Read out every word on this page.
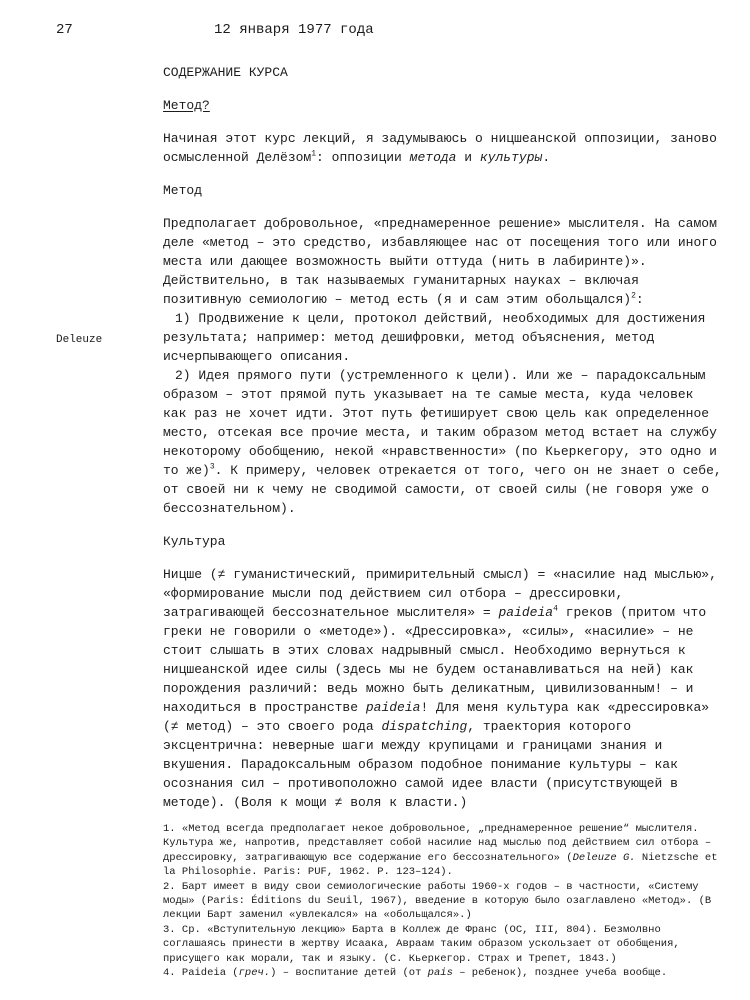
27	12 января 1977 года
Deleuze

СОДЕРЖАНИЕ КУРСА

Метод?

Начиная этот курс лекций, я задумываюсь о ницшеанской оппозиции, заново осмысленной Делёзом$^1$: оппозиции метода и культуры.

Метод

Предполагает добровольное, «преднамеренное решение» мыслителя. На самом деле «метод – это средство, избавляющее нас от посещения того или иного места или дающее возможность выйти оттуда (нить в лабиринте)». Действительно, в так называемых гуманитарных науках – включая позитивную семиологию – метод есть (я и сам этим обольщался)$^2$:

1) Продвижение к цели, протокол действий, необходимых для достижения результата; например: метод дешифровки, метод объяснения, метод исчерпывающего описания.

2) Идея прямого пути (устремленного к цели). Или же – парадоксальным образом – этот прямой путь указывает на те самые места, куда человек как раз не хочет идти. Этот путь фетиширует свою цель как определенное место, отсекая все прочие места, и таким образом метод встает на службу некоторому обобщению, некой «нравственности» (по Кьеркегору, это одно и то же)$^3$. К примеру, человек отрекается от того, чего он не знает о себе, от своей ни к чему не сводимой самости, от своей силы (не говоря уже о бессознательном).

Культура

Ницше (≠ гуманистический, примирительный смысл) = «насилие над мыслью», «формирование мысли под действием сил отбора – дрессировки, затрагивающей бессознательное мыслителя» = paideia$^4$ греков (притом что греки не говорили о «методе»). «Дрессировка», «силы», «насилие» – не стоит слышать в этих словах надрывный смысл. Необходимо вернуться к ницшеанской идее силы (здесь мы не будем останавливаться на ней) как порождения различий: ведь можно быть деликатным, цивилизованным! – и находиться в пространстве paideia! Для меня культура как «дрессировка» (≠ метод) – это своего рода dispatching, траектория которого эксцентрична: неверные шаги между крупицами и границами знания и вкушения. Парадоксальным образом подобное понимание культуры – как осознания сил – противоположно самой идее власти (присутствующей в методе). (Воля к мощи ≠ воля к власти.)

1. «Метод всегда предполагает некое добровольное, „преднамеренное решение“ мыслителя. Культура же, напротив, представляет собой насилие над мыслью под действием сил отбора – дрессировку, затрагивающую все содержание его бессознательного» (Deleuze G. Nietzsche et la Philosophie. Paris: PUF, 1962. P. 123–124).

2. Барт имеет в виду свои семиологические работы 1960-х годов – в частности, «Систему моды» (Paris: Éditions du Seuil, 1967), введение в которую было озаглавлено «Метод». (В лекции Барт заменил «увлекался» на «обольщался».)

3. Ср. «Вступительную лекцию» Барта в Коллеж де Франс (OC, III, 804). Безмолвно соглашаясь принести в жертву Исаака, Авраам таким образом ускользает от обобщения, присущего как морали, так и языку. (С. Кьеркегор. Страх и Трепет, 1843.)

4. Paideia (греч.) – воспитание детей (от pais – ребенок), позднее учеба вообще.
